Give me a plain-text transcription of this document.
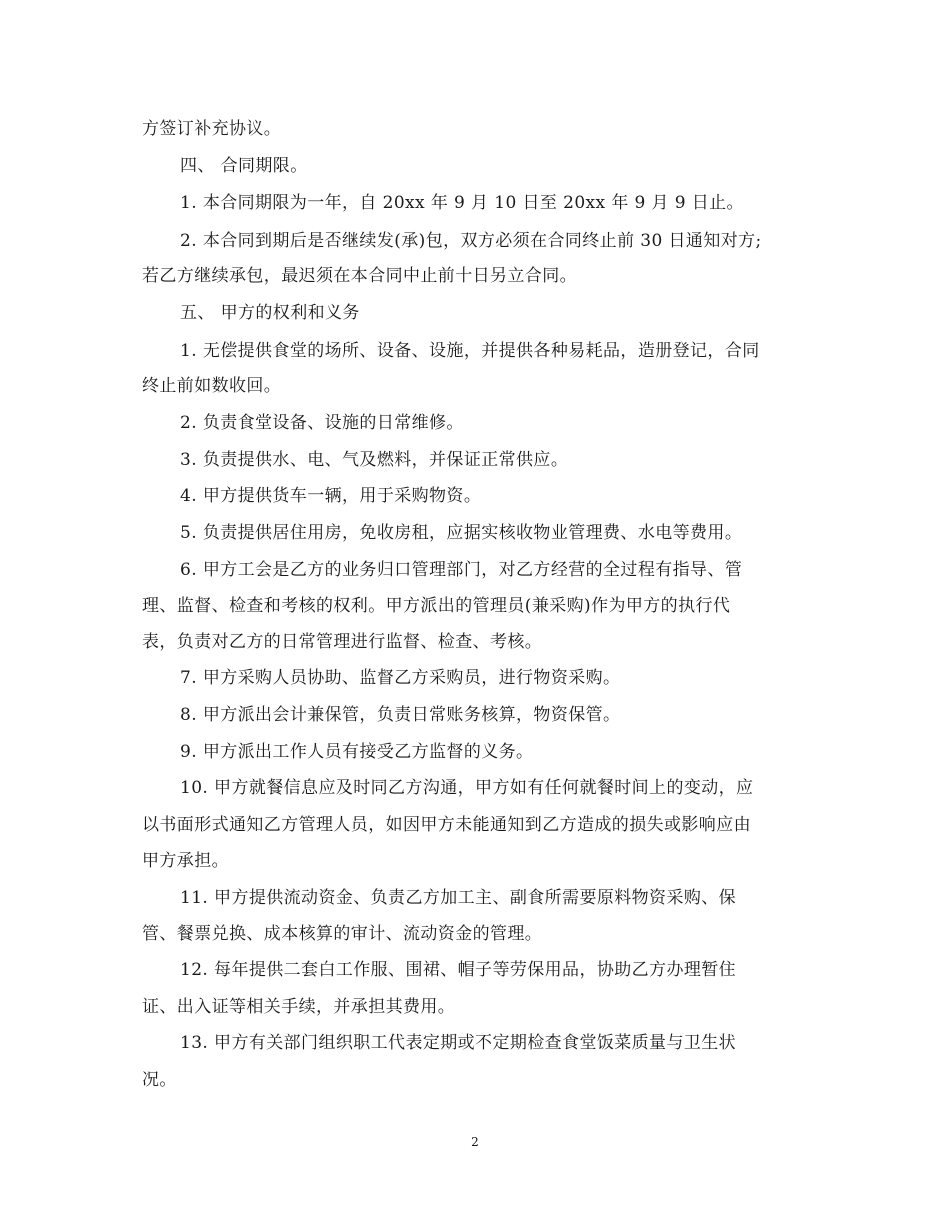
方签订补充协议。
四、 合同期限。
1. 本合同期限为一年，自 20xx 年 9 月 10 日至 20xx 年 9 月 9 日止。
2. 本合同到期后是否继续发(承)包，双方必须在合同终止前 30 日通知对方;
若乙方继续承包，最迟须在本合同中止前十日另立合同。
五、 甲方的权利和义务
1. 无偿提供食堂的场所、设备、设施，并提供各种易耗品，造册登记，合同
终止前如数收回。
2. 负责食堂设备、设施的日常维修。
3. 负责提供水、电、气及燃料，并保证正常供应。
4. 甲方提供货车一辆，用于采购物资。
5. 负责提供居住用房，免收房租，应据实核收物业管理费、水电等费用。
6. 甲方工会是乙方的业务归口管理部门，对乙方经营的全过程有指导、管
理、监督、检查和考核的权利。甲方派出的管理员(兼采购)作为甲方的执行代
表，负责对乙方的日常管理进行监督、检查、考核。
7. 甲方采购人员协助、监督乙方采购员，进行物资采购。
8. 甲方派出会计兼保管，负责日常账务核算，物资保管。
9. 甲方派出工作人员有接受乙方监督的义务。
10. 甲方就餐信息应及时同乙方沟通，甲方如有任何就餐时间上的变动，应
以书面形式通知乙方管理人员，如因甲方未能通知到乙方造成的损失或影响应由
甲方承担。
11. 甲方提供流动资金、负责乙方加工主、副食所需要原料物资采购、保
管、餐票兑换、成本核算的审计、流动资金的管理。
12. 每年提供二套白工作服、围裙、帽子等劳保用品，协助乙方办理暂住
证、出入证等相关手续，并承担其费用。
13. 甲方有关部门组织职工代表定期或不定期检查食堂饭菜质量与卫生状
况。
2
